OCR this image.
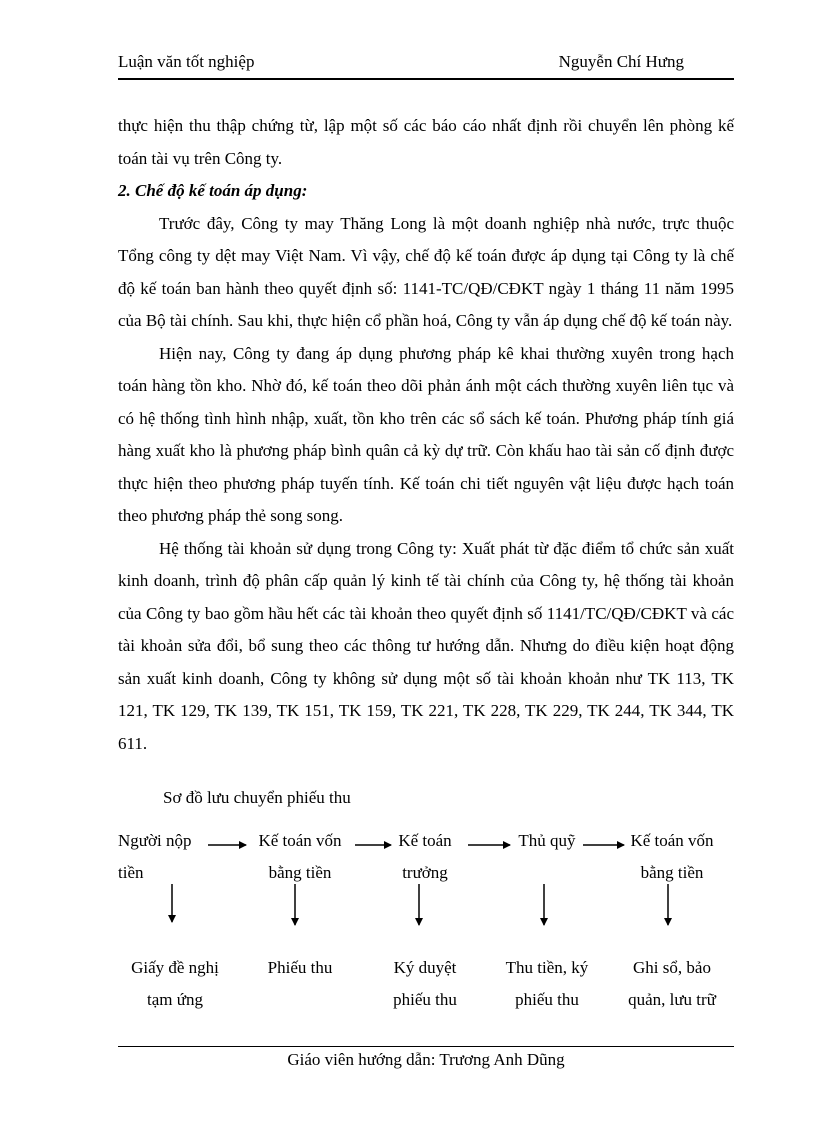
Luận văn tốt nghiệp	Nguyễn Chí Hưng

thực hiện thu thập chứng từ, lập một số các báo cáo nhất định rồi chuyển lên phòng kế toán tài vụ trên Công ty.

2. Chế độ kế toán áp dụng:

Trước đây, Công ty may Thăng Long là một doanh nghiệp nhà nước, trực thuộc Tổng công ty dệt may Việt Nam. Vì vậy, chế độ kế toán được áp dụng tại Công ty là chế độ kế toán ban hành theo quyết định số: 1141-TC/QĐ/CĐKT ngày 1 tháng 11 năm 1995 của Bộ tài chính. Sau khi, thực hiện cổ phần hoá, Công ty vẫn áp dụng chế độ kế toán này.

Hiện nay, Công ty đang áp dụng phương pháp kê khai thường xuyên trong hạch toán hàng tồn kho. Nhờ đó, kế toán theo dõi phản ánh một cách thường xuyên liên tục và có hệ thống tình hình nhập, xuất, tồn kho trên các sổ sách kế toán. Phương pháp tính giá hàng xuất kho là phương pháp bình quân cả kỳ dự trữ. Còn khấu hao tài sản cố định được thực hiện theo phương pháp tuyến tính. Kế toán chi tiết nguyên vật liệu được hạch toán theo phương pháp thẻ song song.

Hệ thống tài khoản sử dụng trong Công ty: Xuất phát từ đặc điểm tổ chức sản xuất kinh doanh, trình độ phân cấp quản lý kinh tế tài chính của Công ty, hệ thống tài khoản của Công ty bao gồm hầu hết các tài khoản theo quyết định số 1141/TC/QĐ/CĐKT và các tài khoản sửa đổi, bổ sung theo các thông tư hướng dẫn. Nhưng do điều kiện hoạt động sản xuất kinh doanh, Công ty không sử dụng một số tài khoản khoản như TK 113, TK 121, TK 129, TK 139, TK 151, TK 159, TK 221, TK 228, TK 229, TK 244, TK 344, TK 611.

Sơ đồ lưu chuyển phiếu thu
Người nộp
tiền
Kế toán vốn
bằng tiền
Kế toán
trưởng
Thủ quỹ	Kế toán vốn
bằng tiền
Giấy đề nghị
tạm ứng
Phiếu thu	Ký duyệt
phiếu thu
Thu tiền, ký
phiếu thu
Ghi sổ, bảo
quản, lưu trữ
Giáo viên hướng dẫn: Trương Anh Dũng
